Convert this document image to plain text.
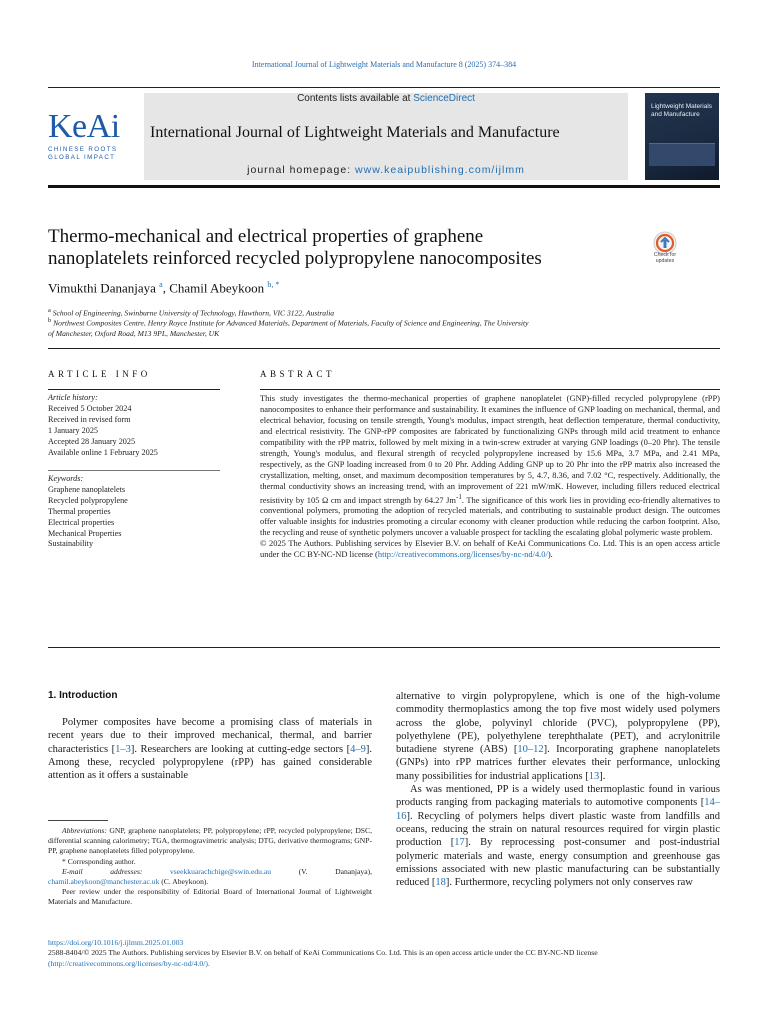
International Journal of Lightweight Materials and Manufacture 8 (2025) 374–384
Contents lists available at ScienceDirect
International Journal of Lightweight Materials and Manufacture
journal homepage: www.keaipublishing.com/ijlmm
KeAi
CHINESE ROOTS
GLOBAL IMPACT
Lightweight Materials and Manufacture
Thermo-mechanical and electrical properties of graphene
nanoplatelets reinforced recycled polypropylene nanocomposites	Check for
updates
Vimukthi Dananjaya $^a$, Chamil Abeykoon $^{b, *}$
$^a$ School of Engineering, Swinburne University of Technology, Hawthorn, VIC 3122, Australia
$^b$ Northwest Composites Centre, Henry Royce Institute for Advanced Materials, Department of Materials, Faculty of Science and Engineering, The University
of Manchester, Oxford Road, M13 9PL, Manchester, UK
ARTICLE INFO
Article history:
Received 5 October 2024
Received in revised form
1 January 2025
Accepted 28 January 2025
Available online 1 February 2025
Keywords:
Graphene nanoplatelets
Recycled polypropylene
Thermal properties
Electrical properties
Mechanical Properties
Sustainability
ABSTRACT

This study investigates the thermo-mechanical properties of graphene nanoplatelet (GNP)-filled recycled polypropylene (rPP) nanocomposites to enhance their performance and sustainability. It examines the influence of GNP loading on mechanical, thermal, and electrical behavior, focusing on tensile strength, Young's modulus, impact strength, heat deflection temperature, thermal conductivity, and electrical resistivity. The GNP-rPP composites are fabricated by functionalizing GNPs through mild acid treatment to enhance compatibility with the rPP matrix, followed by melt mixing in a twin-screw extruder at varying GNP loadings (0–20 Phr). The tensile strength, Young's modulus, and flexural strength of recycled polypropylene increased by 15.6 MPa, 3.7 MPa, and 2.41 MPa, respectively, as the GNP loading increased from 0 to 20 Phr. Adding Adding GNP up to 20 Phr into the rPP matrix also increased the crystallization, melting, onset, and maximum decomposition temperatures by 5, 4.7, 8.36, and 7.02 °C, respectively. Additionally, the thermal conductivity shows an increasing trend, with an improvement of 221 mW/mK. However, including fillers reduced electrical resistivity by 105 Ω cm and impact strength by 64.27 $Jm^{-1}$. The significance of this work lies in providing eco-friendly alternatives to conventional polymers, promoting the adoption of recycled materials, and contributing to sustainable product design. The outcomes offer valuable insights for industries promoting a circular economy with cleaner production while reducing the carbon footprint. Also, the recycling and reuse of synthetic polymers uncover a valuable prospect for tackling the escalating global polymeric waste problem.

© 2025 The Authors. Publishing services by Elsevier B.V. on behalf of KeAi Communications Co. Ltd. This is an open access article under the CC BY-NC-ND license (http://creativecommons.org/licenses/by-nc-nd/4.0/).

1. Introduction

Polymer composites have become a promising class of materials in recent years due to their improved mechanical, thermal, and barrier characteristics [1–3]. Researchers are looking at cutting-edge sectors [4–9]. Among these, recycled polypropylene (rPP) has gained considerable attention as it offers a sustainable

Abbreviations: GNP, graphene nanoplatelets; PP, polypropylene; rPP, recycled polypropylene; DSC, differential scanning calorimetry; TGA, thermogravimetric analysis; DTG, derivative thermograms; GNP-PP, graphene nanoplatelets filled polypropylene.

* Corresponding author.

E-mail addresses:	vseekkuarachchige@swin.edu.au (V. Dananjaya), chamil.abeykoon@manchester.ac.uk (C. Abeykoon).

Peer review under the responsibility of Editorial Board of International Journal of Lightweight Materials and Manufacture.

alternative to virgin polypropylene, which is one of the high-volume commodity thermoplastics among the top five most widely used polymers across the globe, polyvinyl chloride (PVC), polypropylene (PP), polyethylene (PE), polyethylene terephthalate (PET), and acrylonitrile butadiene styrene (ABS) [10–12]. Incorporating graphene nanoplatelets (GNPs) into rPP matrices further elevates their performance, unlocking many possibilities for industrial applications [13].

As was mentioned, PP is a widely used thermoplastic found in various products ranging from packaging materials to automotive components [14–16]. Recycling of polymers helps divert plastic waste from landfills and oceans, reducing the strain on natural resources required for virgin plastic production [17]. By reprocessing post-consumer and post-industrial polymeric materials and waste, energy consumption and greenhouse gas emissions associated with new plastic manufacturing can be substantially reduced [18]. Furthermore, recycling polymers not only conserves raw

https://doi.org/10.1016/j.ijlmm.2025.01.003

2588-8404/© 2025 The Authors. Publishing services by Elsevier B.V. on behalf of KeAi Communications Co. Ltd. This is an open access article under the CC BY-NC-ND license

(http://creativecommons.org/licenses/by-nc-nd/4.0/).
